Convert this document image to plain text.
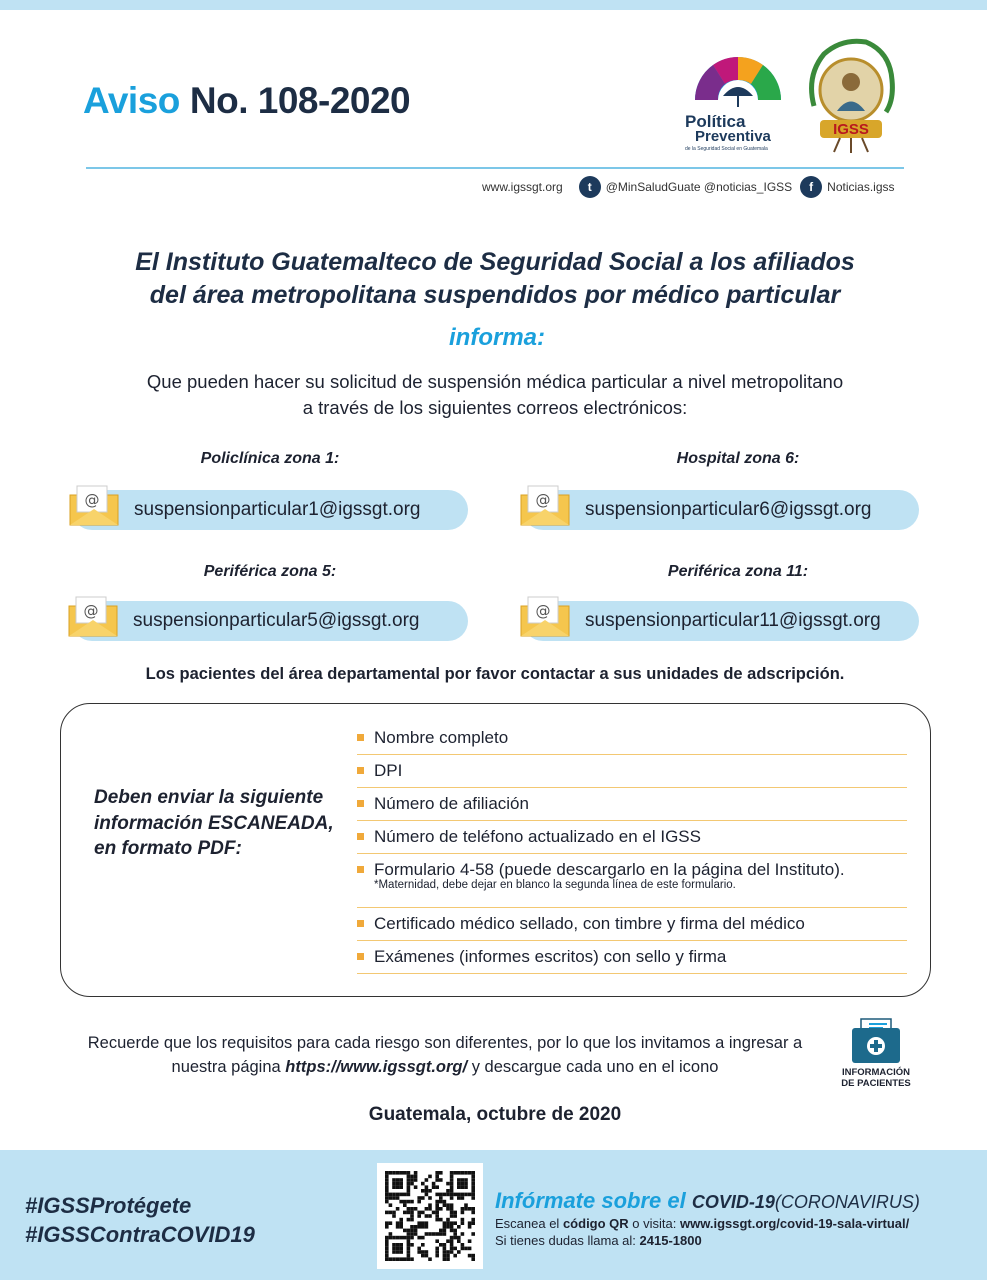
Aviso No. 108-2020
Política
Preventiva
de la Seguridad Social en Guatemala
IGSS
www.igssgt.org	t	@MinSaludGuate @noticias_IGSS	f	Noticias.igss
El Instituto Guatemalteco de Seguridad Social a los afiliados
del área metropolitana suspendidos por médico particular
informa:
Que pueden hacer su solicitud de suspensión médica particular a nivel metropolitano
a través de los siguientes correos electrónicos:
Policlínica zona 1:	Hospital zona 6:
Periférica zona 5:	Periférica zona 11:
suspensionparticular1@igssgt.org	suspensionparticular6@igssgt.org
suspensionparticular5@igssgt.org	suspensionparticular11@igssgt.org
@	@
@	@
Los pacientes del área departamental por favor contactar a sus unidades de adscripción.
Deben enviar la siguiente información ESCANEADA, en formato PDF:
Nombre completo
DPI
Número de afiliación
Número de teléfono actualizado en el IGSS
Formulario 4-58 (puede descargarlo en la página del Instituto).
*Maternidad, debe dejar en blanco la segunda línea de este formulario.
Certificado médico sellado, con timbre y firma del médico
Exámenes (informes escritos) con sello y firma
Recuerde que los requisitos para cada riesgo son diferentes, por lo que los invitamos a ingresar a nuestra página https://www.igssgt.org/ y descargue cada uno en el icono	INFORMACIÓN
DE PACIENTES
Guatemala, octubre de 2020
#IGSSProtégete
#IGSSContraCOVID19
Infórmate sobre el COVID-19(CORONAVIRUS)
Escanea el código QR o visita: www.igssgt.org/covid-19-sala-virtual/
Si tienes dudas llama al: 2415-1800
